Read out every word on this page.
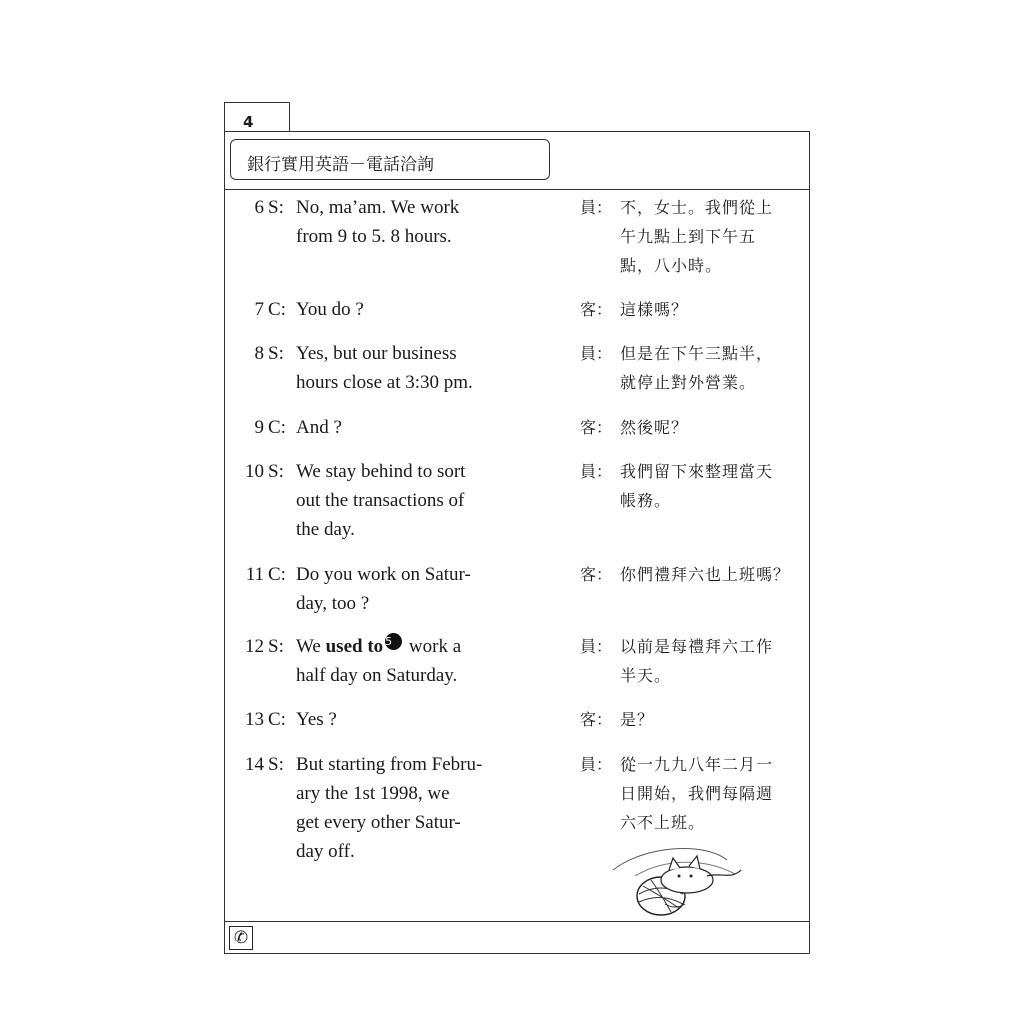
4
銀行實用英語－電話洽詢
✆
6 S: No, ma’am. We work
from 9 to 5. 8 hours.
員： 不，女士。我們從上
午九點上到下午五
點，八小時。
7 C: You do ?	客： 這樣嗎？
8 S: Yes, but our business
hours close at 3:30 pm.
員： 但是在下午三點半，
就停止對外營業。
9 C: And ?	客： 然後呢？
10 S: We stay behind to sort
out the transactions of
the day.
員： 我們留下來整理當天
帳務。
11 C: Do you work on Satur-
day, too ?
客： 你們禮拜六也上班嗎？
12 S: We used to 5 work a
half day on Saturday.
員： 以前是每禮拜六工作
半天。
13 C: Yes ?	客： 是？
14 S: But starting from Febru-
ary the 1st 1998, we
get every other Satur-
day off.
員： 從一九九八年二月一
日開始，我們每隔週
六不上班。
